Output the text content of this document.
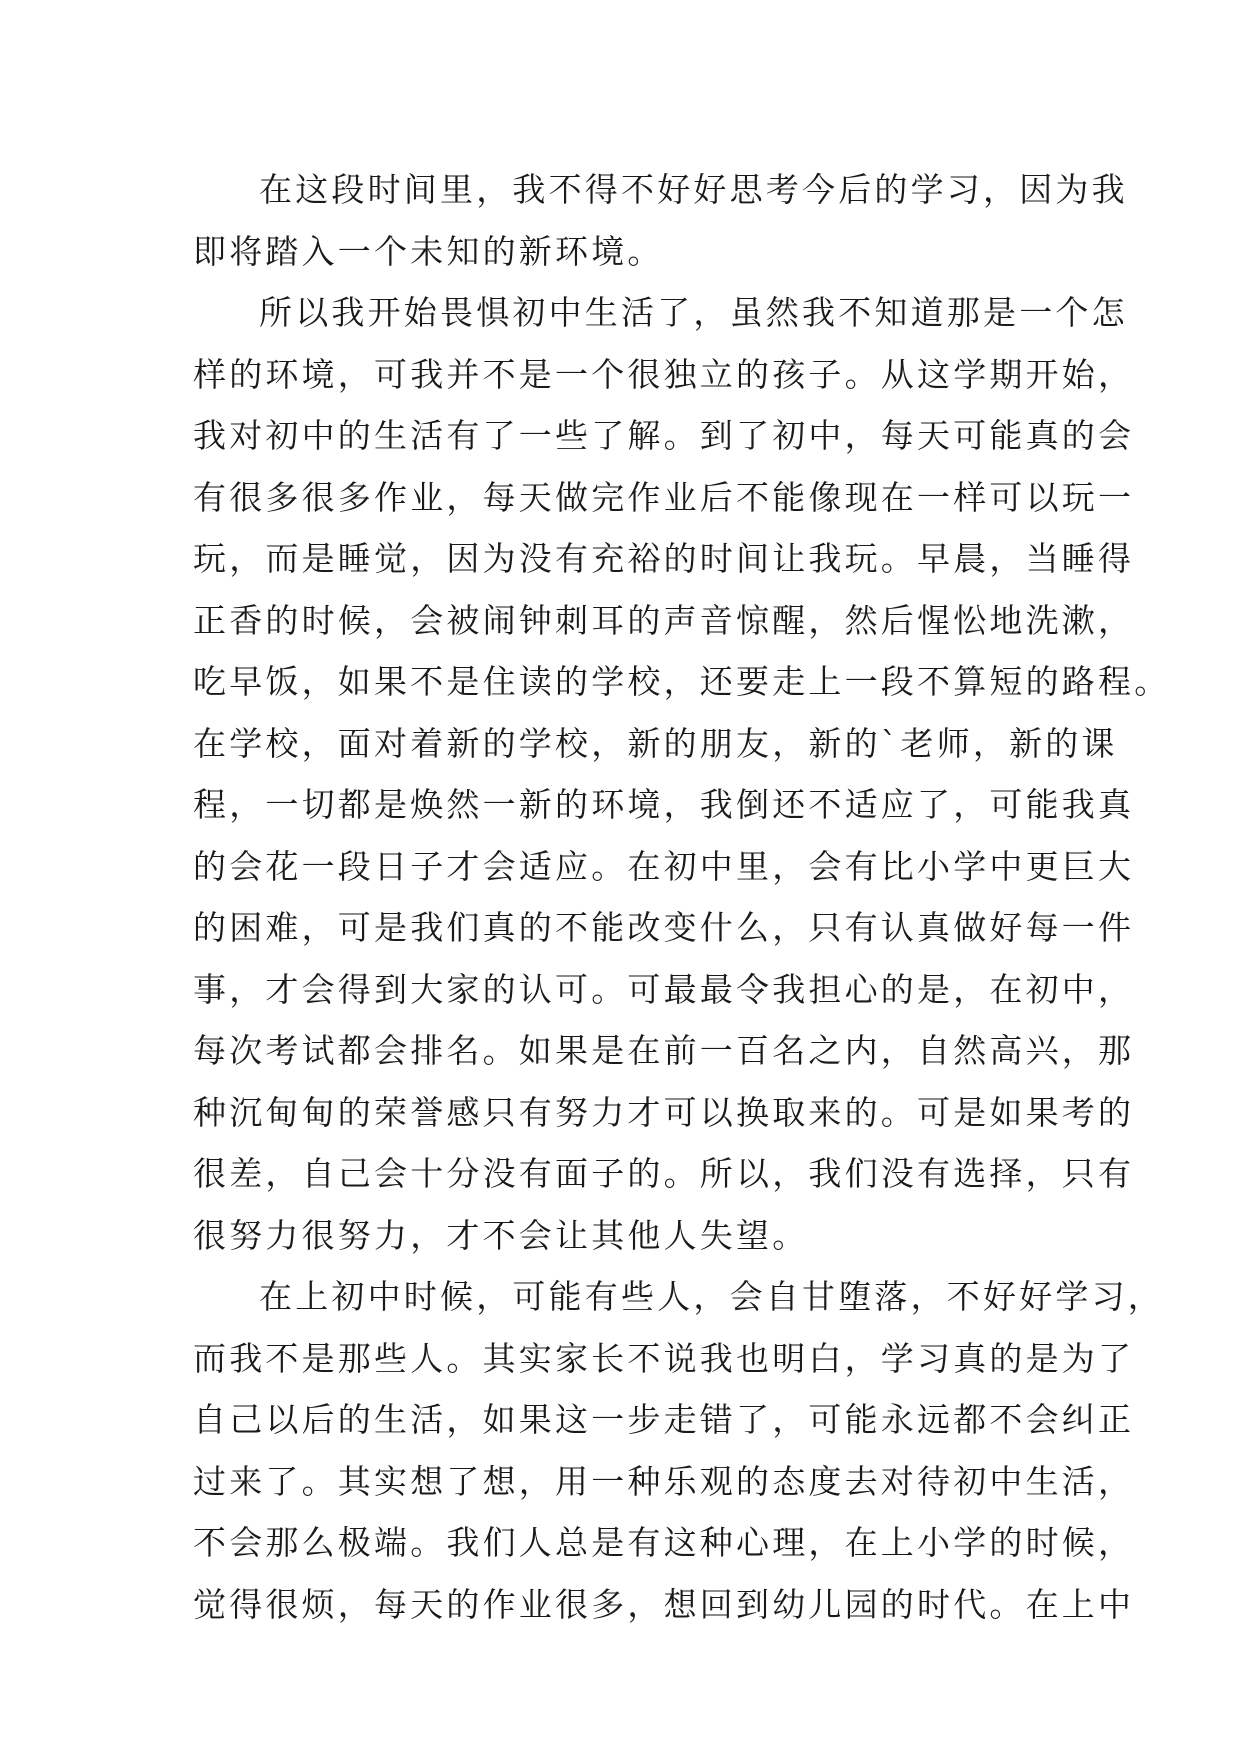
在这段时间里，我不得不好好思考今后的学习，因为我
即将踏入一个未知的新环境。
所以我开始畏惧初中生活了，虽然我不知道那是一个怎
样的环境，可我并不是一个很独立的孩子。从这学期开始，
我对初中的生活有了一些了解。到了初中，每天可能真的会
有很多很多作业，每天做完作业后不能像现在一样可以玩一
玩，而是睡觉，因为没有充裕的时间让我玩。早晨，当睡得
正香的时候，会被闹钟刺耳的声音惊醒，然后惺忪地洗漱，
吃早饭，如果不是住读的学校，还要走上一段不算短的路程。
在学校，面对着新的学校，新的朋友，新的`老师，新的课
程，一切都是焕然一新的环境，我倒还不适应了，可能我真
的会花一段日子才会适应。在初中里，会有比小学中更巨大
的困难，可是我们真的不能改变什么，只有认真做好每一件
事，才会得到大家的认可。可最最令我担心的是，在初中，
每次考试都会排名。如果是在前一百名之内，自然高兴，那
种沉甸甸的荣誉感只有努力才可以换取来的。可是如果考的
很差，自己会十分没有面子的。所以，我们没有选择，只有
很努力很努力，才不会让其他人失望。
在上初中时候，可能有些人，会自甘堕落，不好好学习，
而我不是那些人。其实家长不说我也明白，学习真的是为了
自己以后的生活，如果这一步走错了，可能永远都不会纠正
过来了。其实想了想，用一种乐观的态度去对待初中生活，
不会那么极端。我们人总是有这种心理，在上小学的时候，
觉得很烦，每天的作业很多，想回到幼儿园的时代。在上中
